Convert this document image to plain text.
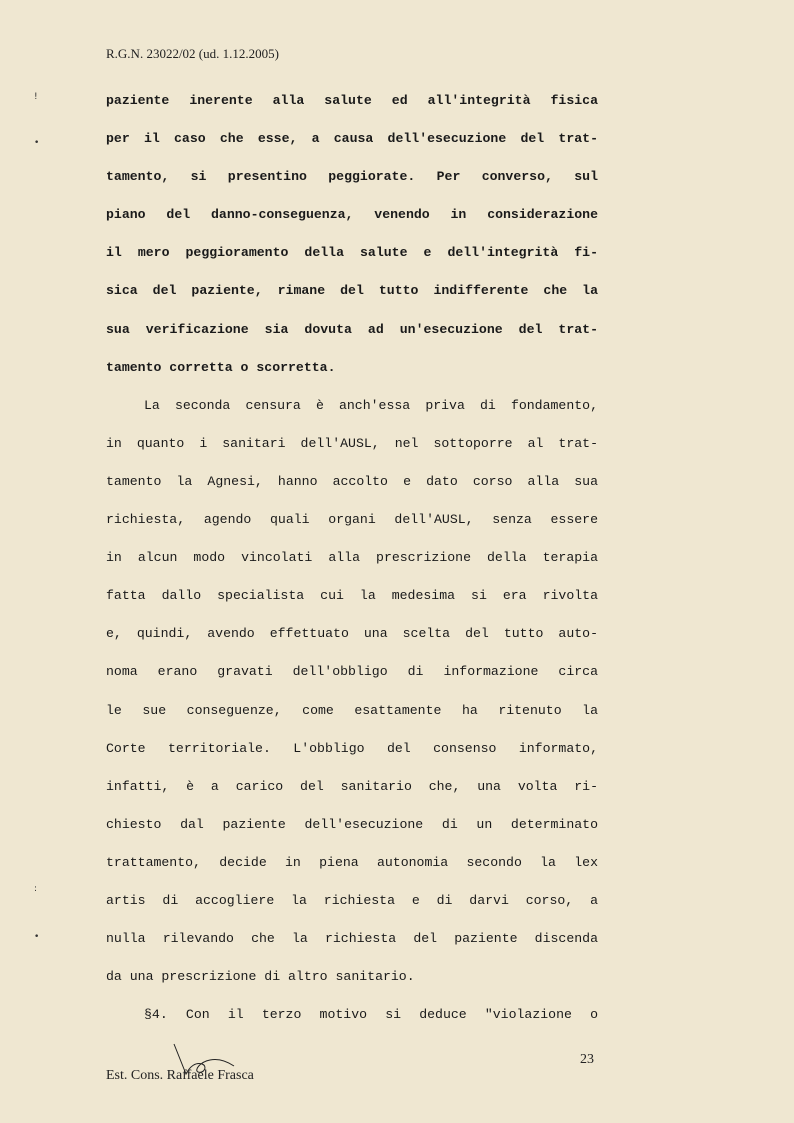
R.G.N. 23022/02 (ud. 1.12.2005)
!
•
:
•
paziente inerente alla salute ed all'integrità fisica
per il caso che esse, a causa dell'esecuzione del trat-
tamento, si presentino peggiorate. Per converso, sul
piano del danno-conseguenza, venendo in considerazione
il mero peggioramento della salute e dell'integrità fi-
sica del paziente, rimane del tutto indifferente che la
sua verificazione sia dovuta ad un'esecuzione del trat-
tamento corretta o scorretta.
La seconda censura è anch'essa priva di fondamento,
in quanto i sanitari dell'AUSL, nel sottoporre al trat-
tamento la Agnesi, hanno accolto e dato corso alla sua
richiesta, agendo quali organi dell'AUSL, senza essere
in alcun modo vincolati alla prescrizione della terapia
fatta dallo specialista cui la medesima si era rivolta
e, quindi, avendo effettuato una scelta del tutto auto-
noma erano gravati dell'obbligo di informazione circa
le sue conseguenze, come esattamente ha ritenuto la
Corte territoriale. L'obbligo del consenso informato,
infatti, è a carico del sanitario che, una volta ri-
chiesto dal paziente dell'esecuzione di un determinato
trattamento, decide in piena autonomia secondo la lex
artis di accogliere la richiesta e di darvi corso, a
nulla rilevando che la richiesta del paziente discenda
da una prescrizione di altro sanitario.
§4. Con il terzo motivo si deduce "violazione o
23
Est. Cons. Raffaele Frasca
